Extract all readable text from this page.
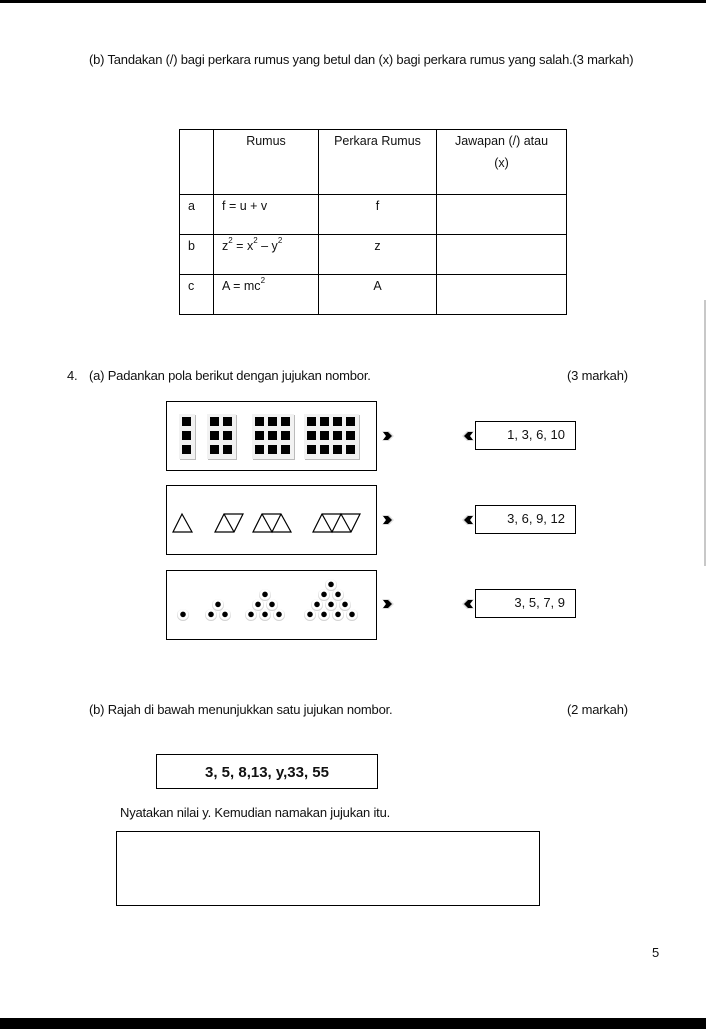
(b) Tandakan (/) bagi perkara rumus yang betul dan (x) bagi perkara rumus yang salah.(3 markah)

	Rumus	Perkara Rumus	Jawapan (/) atau
(x)

a	f = u + v	f	

b	$z^2 = x^2 - y^2$	z	

c	$A = mc^2$	A	

4. (a) Padankan pola berikut dengan jujukan nombor.	(3 markah)
1, 3, 6, 10
3, 6, 9, 12
3, 5, 7, 9
(b) Rajah di bawah menunjukkan satu jujukan nombor.	(2 markah)
3, 5, 8,13, y,33, 55
Nyatakan nilai y. Kemudian namakan jujukan itu.
5
